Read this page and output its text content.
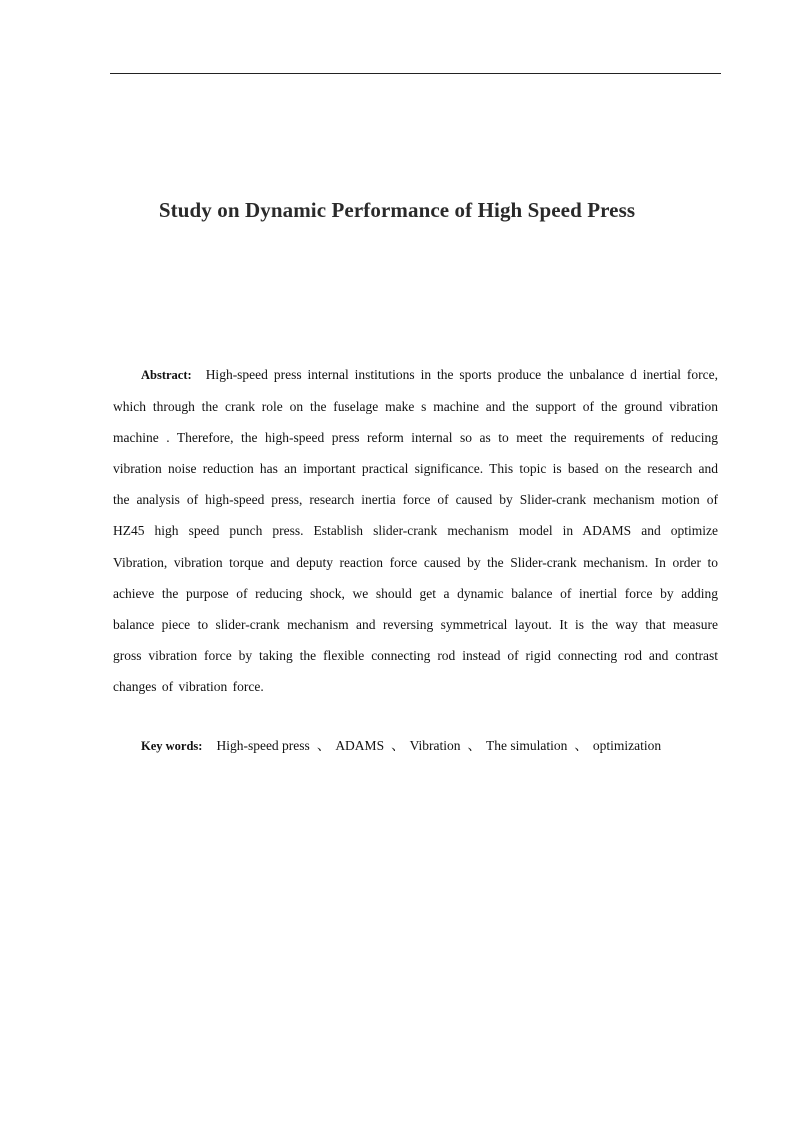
Study on Dynamic Performance of High Speed Press

Abstract: High-speed press internal institutions in the sports produce the unbalance d inertial force, which through the crank role on the fuselage make s machine and the support of the ground vibration machine . Therefore, the high-speed press reform internal so as to meet the requirements of reducing vibration noise reduction has an important practical significance. This topic is based on the research and the analysis of high-speed press, research inertia force of caused by Slider-crank mechanism motion of HZ45 high speed punch press. Establish slider-crank mechanism model in ADAMS and optimize Vibration, vibration torque and deputy reaction force caused by the Slider-crank mechanism. In order to achieve the purpose of reducing shock, we should get a dynamic balance of inertial force by adding balance piece to slider-crank mechanism and reversing symmetrical layout. It is the way that measure gross vibration force by taking the flexible connecting rod instead of rigid connecting rod and contrast changes of vibration force.

Key words: High-speed press 、 ADAMS 、 Vibration 、 The simulation 、 optimization
